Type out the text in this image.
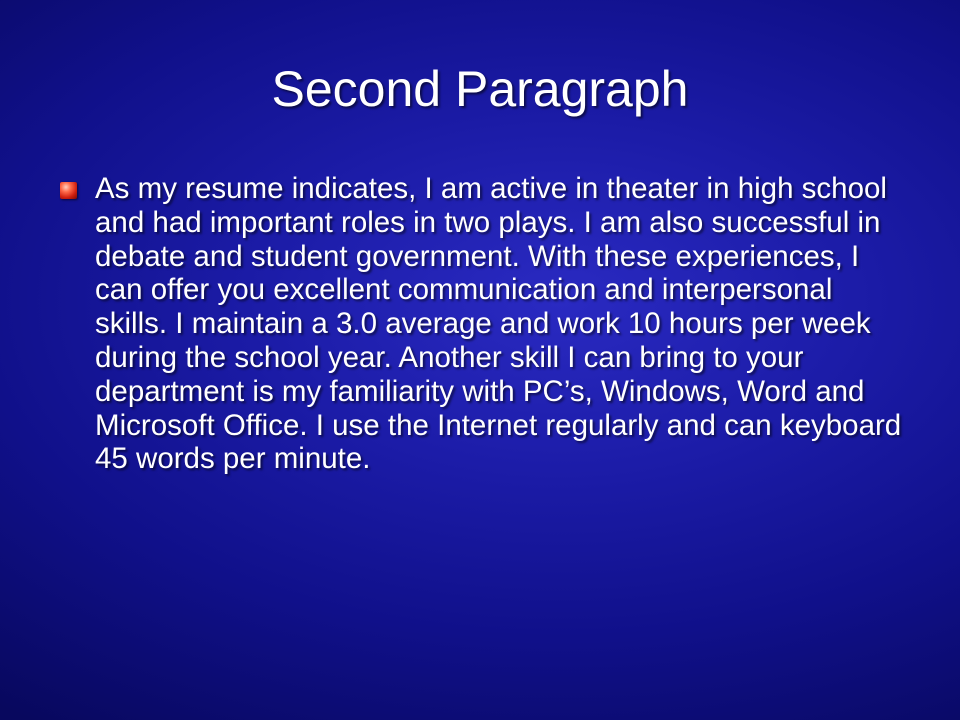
Second Paragraph
As my resume indicates, I am active in theater in high school and had important roles in two plays. I am also successful in debate and student government. With these experiences, I can offer you excellent communication and interpersonal skills. I maintain a 3.0 average and work 10 hours per week during the school year. Another skill I can bring to your department is my familiarity with PC’s, Windows, Word and Microsoft Office. I use the Internet regularly and can keyboard 45 words per minute.
